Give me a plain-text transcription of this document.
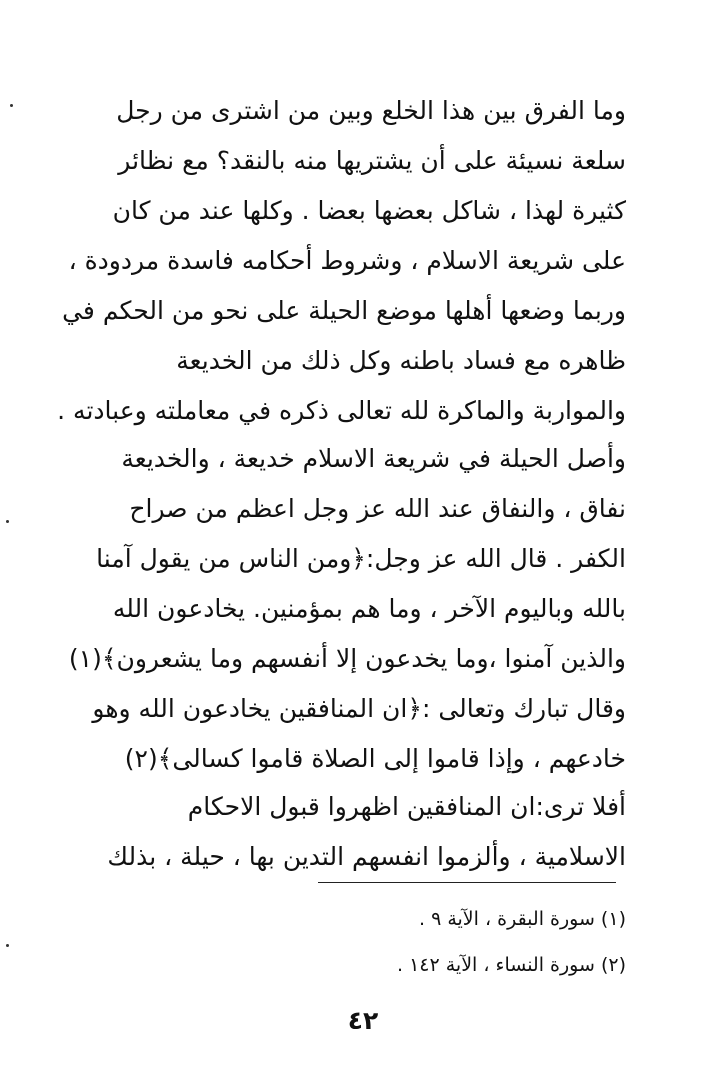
وما الفرق بين هذا الخلع وبين من اشترى من رجل
سلعة نسيئة على أن يشتريها منه بالنقد؟ مع نظائر
كثيرة لهذا ، شاكل بعضها بعضا . وكلها عند من كان
على شريعة الاسلام ، وشروط أحكامه فاسدة مردودة ،
وربما وضعها أهلها موضع الحيلة على نحو من الحكم في
ظاهره مع فساد باطنه وكل ذلك من الخديعة
والمواربة والماكرة لله تعالى ذكره في معاملته وعبادته .
وأصل الحيلة في شريعة الاسلام خديعة ، والخديعة
نفاق ، والنفاق عند الله عز وجل اعظم من صراح
الكفر . قال الله عز وجل:﴿ومن الناس من يقول آمنا
بالله وباليوم الآخر ، وما هم بمؤمنين. يخادعون الله
والذين آمنوا ،وما يخدعون إلا أنفسهم وما يشعرون﴾(١)
وقال تبارك وتعالى :﴿ان المنافقين يخادعون الله وهو
خادعهم ، وإذا قاموا إلى الصلاة قاموا كسالى﴾(٢)
أفلا ترى:ان المنافقين اظهروا قبول الاحكام
الاسلامية ، وألزموا انفسهم التدين بها ، حيلة ، بذلك
(١) سورة البقرة ، الآية ٩ .
(٢) سورة النساء ، الآية ١٤٢ .
٤٢
